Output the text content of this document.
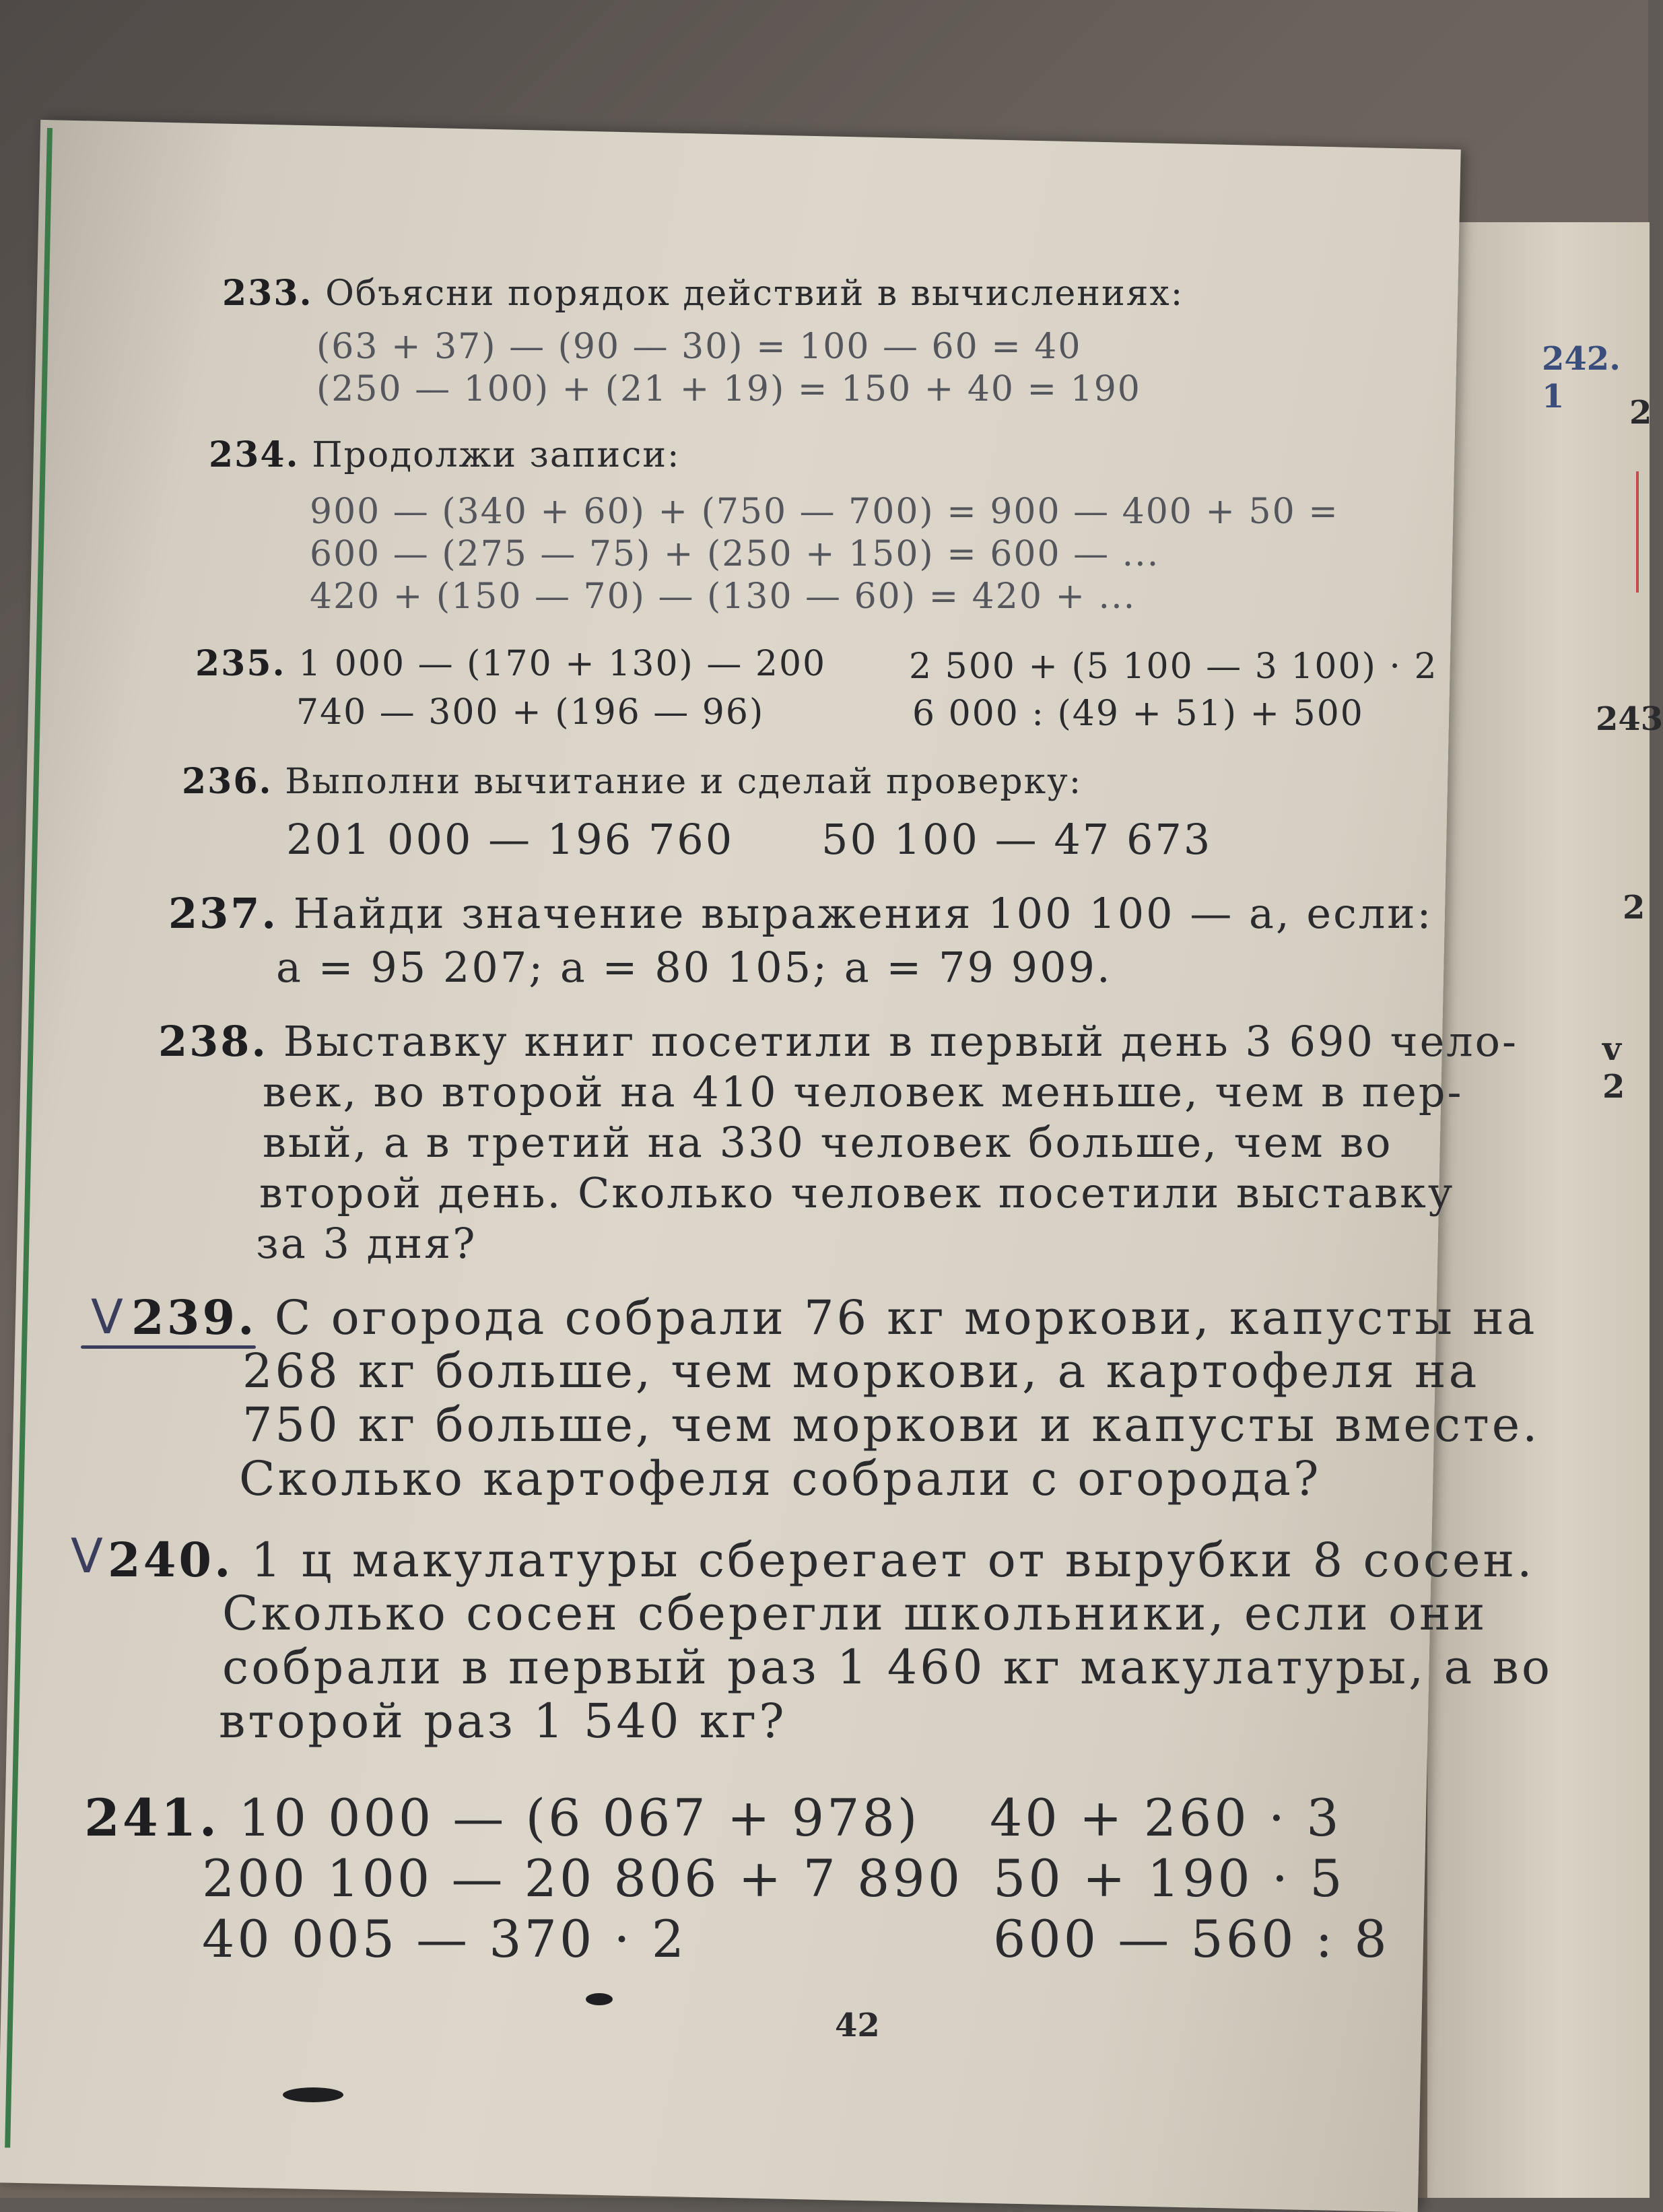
233. Объясни порядок действий в вычислениях:
(63 + 37) — (90 — 30) = 100 — 60 = 40
(250 — 100) + (21 + 19) = 150 + 40 = 190
234. Продолжи записи:
900 — (340 + 60) + (750 — 700) = 900 — 400 + 50 =
600 — (275 — 75) + (250 + 150) = 600 — ...
420 + (150 — 70) — (130 — 60) = 420 + ...
235. 1 000 — (170 + 130) — 200 2 500 + (5 100 — 3 100) · 2
740 — 300 + (196 — 96)	6 000 : (49 + 51) + 500
236. Выполни вычитание и сделай проверку:
201 000 — 196 760 50 100 — 47 673
237. Найди значение выражения 100 100 — a, если:
a = 95 207; a = 80 105; a = 79 909.
238. Выставку книг посетили в первый день 3 690 чело-
век, во второй на 410 человек меньше, чем в пер-
вый, а в третий на 330 человек больше, чем во
второй день. Сколько человек посетили выставку
за 3 дня?
V 239. С огорода собрали 76 кг моркови, капусты на
268 кг больше, чем моркови, а картофеля на
750 кг больше, чем моркови и капусты вместе.
Сколько картофеля собрали с огорода?
V 240. 1 ц макулатуры сберегает от вырубки 8 сосен.
Сколько сосен сберегли школьники, если они
собрали в первый раз 1 460 кг макулатуры, а во
второй раз 1 540 кг?
241. 10 000 — (6 067 + 978)
200 100 — 20 806 + 7 890
40 005 — 370 · 2
40 + 260 · 3
50 + 190 · 5
600 — 560 : 8
42
242. 1	2
243
2
v 2
